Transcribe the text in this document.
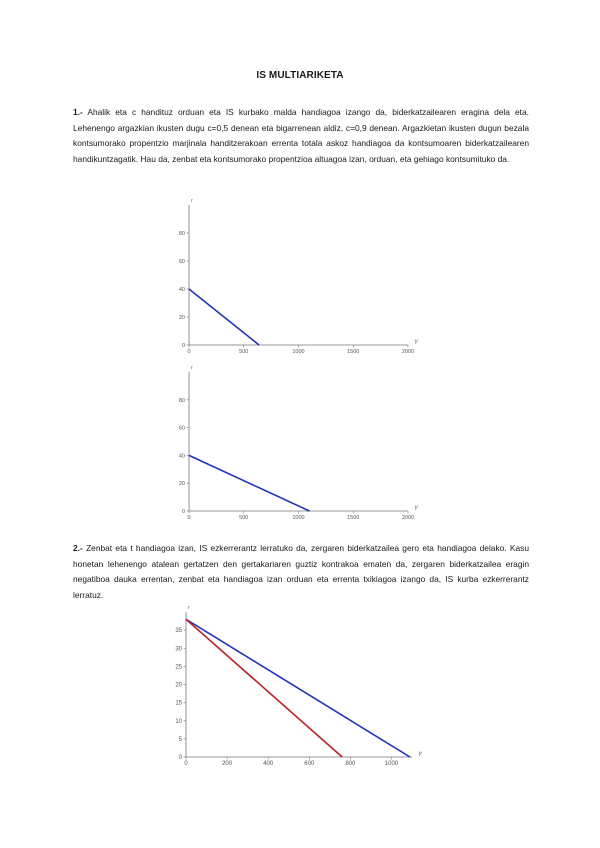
IS MULTIARIKETA

1.- Ahalik eta c handituz orduan eta IS kurbako malda handiagoa izango da, biderkatzailearen eragina dela eta. Lehenengo argazkian ikusten dugu c=0,5 denean eta bigarrenean aldiz, c=0,9 denean. Argazkietan ikusten dugun bezala kontsumorako propentzio marjinala handitzerakoan errenta totala askoz handiagoa da kontsumoaren biderkatzailearen handikuntzagatik. Hau da, zenbat eta kontsumorako propentzioa altuagoa izan, orduan, eta gehiago kontsumituko da.

0	500	1000	1500	2000
0
20
40
60
80
Y
r
0	500	1000	1500	2000
0
20
40
60
80
Y
r

2.- Zenbat eta t handiagoa izan, IS ezkerrerantz lerratuko da, zergaren biderkatzailea gero eta handiagoa delako. Kasu honetan lehenengo atalean gertatzen den gertakariaren guztiz kontrakoa ematen da, zergaren biderkatzailea eragin negatiboa dauka errentan, zenbat eta handiagoa izan orduan eta errenta txikiagoa izango da, IS kurba ezkerrerantz lerratuz.

0	200	400	600	800	1000
0
5
10
15
20
25
30
35
Y
r
